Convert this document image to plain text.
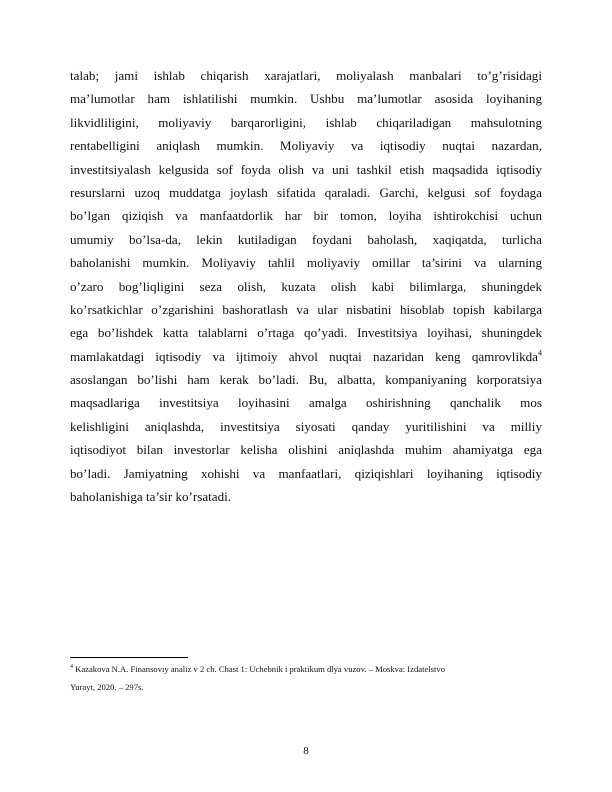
talab; jami ishlab chiqarish xarajatlari, moliyalash manbalari to’g’risidagi
ma’lumotlar ham ishlatilishi mumkin. Ushbu ma’lumotlar asosida loyihaning
likvidliligini, moliyaviy barqarorligini, ishlab chiqariladigan mahsulotning
rentabelligini aniqlash mumkin. Moliyaviy va iqtisodiy nuqtai nazardan,
investitsiyalash kelgusida sof foyda olish va uni tashkil etish maqsadida iqtisodiy
resurslarni uzoq muddatga joylash sifatida qaraladi. Garchi, kelgusi sof foydaga
bo’lgan qiziqish va manfaatdorlik har bir tomon, loyiha ishtirokchisi uchun
umumiy bo’lsa-da, lekin kutiladigan foydani baholash, xaqiqatda, turlicha
baholanishi mumkin. Moliyaviy tahlil moliyaviy omillar ta’sirini va ularning
o’zaro bog’liqligini seza olish, kuzata olish kabi bilimlarga, shuningdek
ko’rsatkichlar o’zgarishini bashoratlash va ular nisbatini hisoblab topish kabilarga
ega bo’lishdek katta talablarni o’rtaga qo’yadi. Investitsiya loyihasi, shuningdek
mamlakatdagi iqtisodiy va ijtimoiy ahvol nuqtai nazaridan keng qamrovlikda$^4$
asoslangan bo’lishi ham kerak bo’ladi. Bu, albatta, kompaniyaning korporatsiya
maqsadlariga investitsiya loyihasini amalga oshirishning qanchalik mos
kelishligini aniqlashda, investitsiya siyosati qanday yuritilishini va milliy
iqtisodiyot bilan investorlar kelisha olishini aniqlashda muhim ahamiyatga ega
bo’ladi. Jamiyatning xohishi va manfaatlari, qiziqishlari loyihaning iqtisodiy
baholanishiga ta’sir ko’rsatadi.
$^4$ Kazakova N.A. Finansovıy analiz v 2 ch. Chast 1: Uchebnik i praktikum dlya vuzov. – Moskva: Izdatelstvo
Yurayt, 2020. – 297s.
8
